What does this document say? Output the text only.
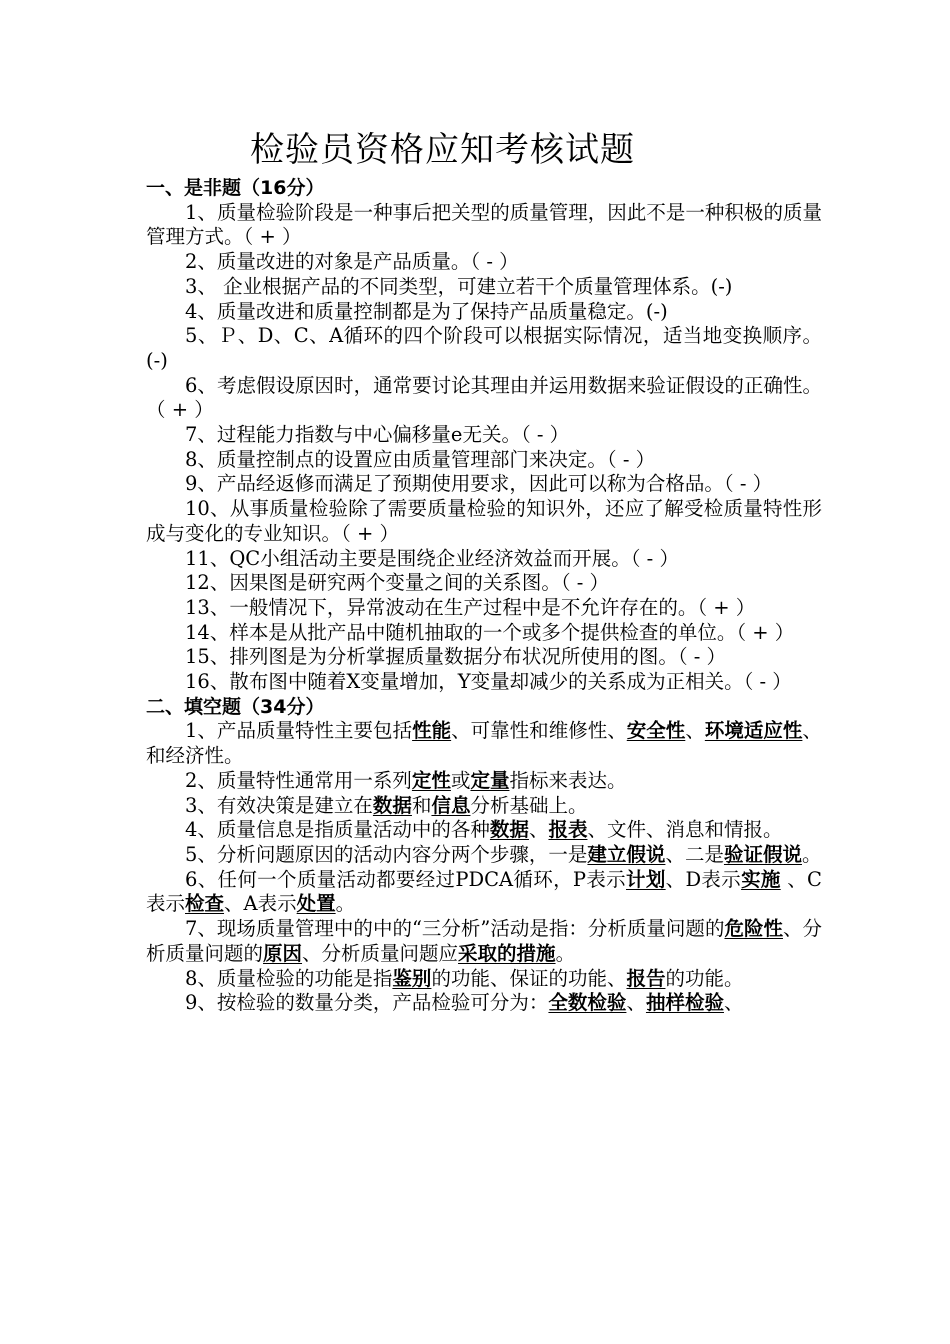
检验员资格应知考核试题
一、是非题（16分）
1、质量检验阶段是一种事后把关型的质量管理，因此不是一种积极的质量管理方式。（ + ）
2、质量改进的对象是产品质量。（ - ）
3、 企业根据产品的不同类型，可建立若干个质量管理体系。(-)
4、质量改进和质量控制都是为了保持产品质量稳定。(-)
5、Ｐ、D、C、A循环的四个阶段可以根据实际情况，适当地变换顺序。(-)
6、考虑假设原因时，通常要讨论其理由并运用数据来验证假设的正确性。（ + ）
7、过程能力指数与中心偏移量e无关。（ - ）
8、质量控制点的设置应由质量管理部门来决定。（ - ）
9、产品经返修而满足了预期使用要求，因此可以称为合格品。（ - ）
10、从事质量检验除了需要质量检验的知识外，还应了解受检质量特性形成与变化的专业知识。（ + ）
11、QC小组活动主要是围绕企业经济效益而开展。（ - ）
12、因果图是研究两个变量之间的关系图。（ - ）
13、一般情况下，异常波动在生产过程中是不允许存在的。（ + ）
14、样本是从批产品中随机抽取的一个或多个提供检查的单位。（ + ）
15、排列图是为分析掌握质量数据分布状况所使用的图。（ - ）
16、散布图中随着X变量增加，Y变量却减少的关系成为正相关。（ - ）
二、填空题（34分）
1、产品质量特性主要包括性能、可靠性和维修性、安全性、环境适应性、和经济性。
2、质量特性通常用一系列定性或定量指标来表达。
3、有效决策是建立在数据和信息分析基础上。
4、质量信息是指质量活动中的各种数据、报表、文件、消息和情报。
5、分析问题原因的活动内容分两个步骤，一是建立假说、二是验证假说。
6、任何一个质量活动都要经过PDCA循环，P表示计划、D表示实施 、C表示检查、A表示处置。
7、现场质量管理中的中的“三分析”活动是指：分析质量问题的危险性、分析质量问题的原因、分析质量问题应采取的措施。
8、质量检验的功能是指鉴别的功能、保证的功能、报告的功能。
9、按检验的数量分类，产品检验可分为：全数检验、抽样检验、
